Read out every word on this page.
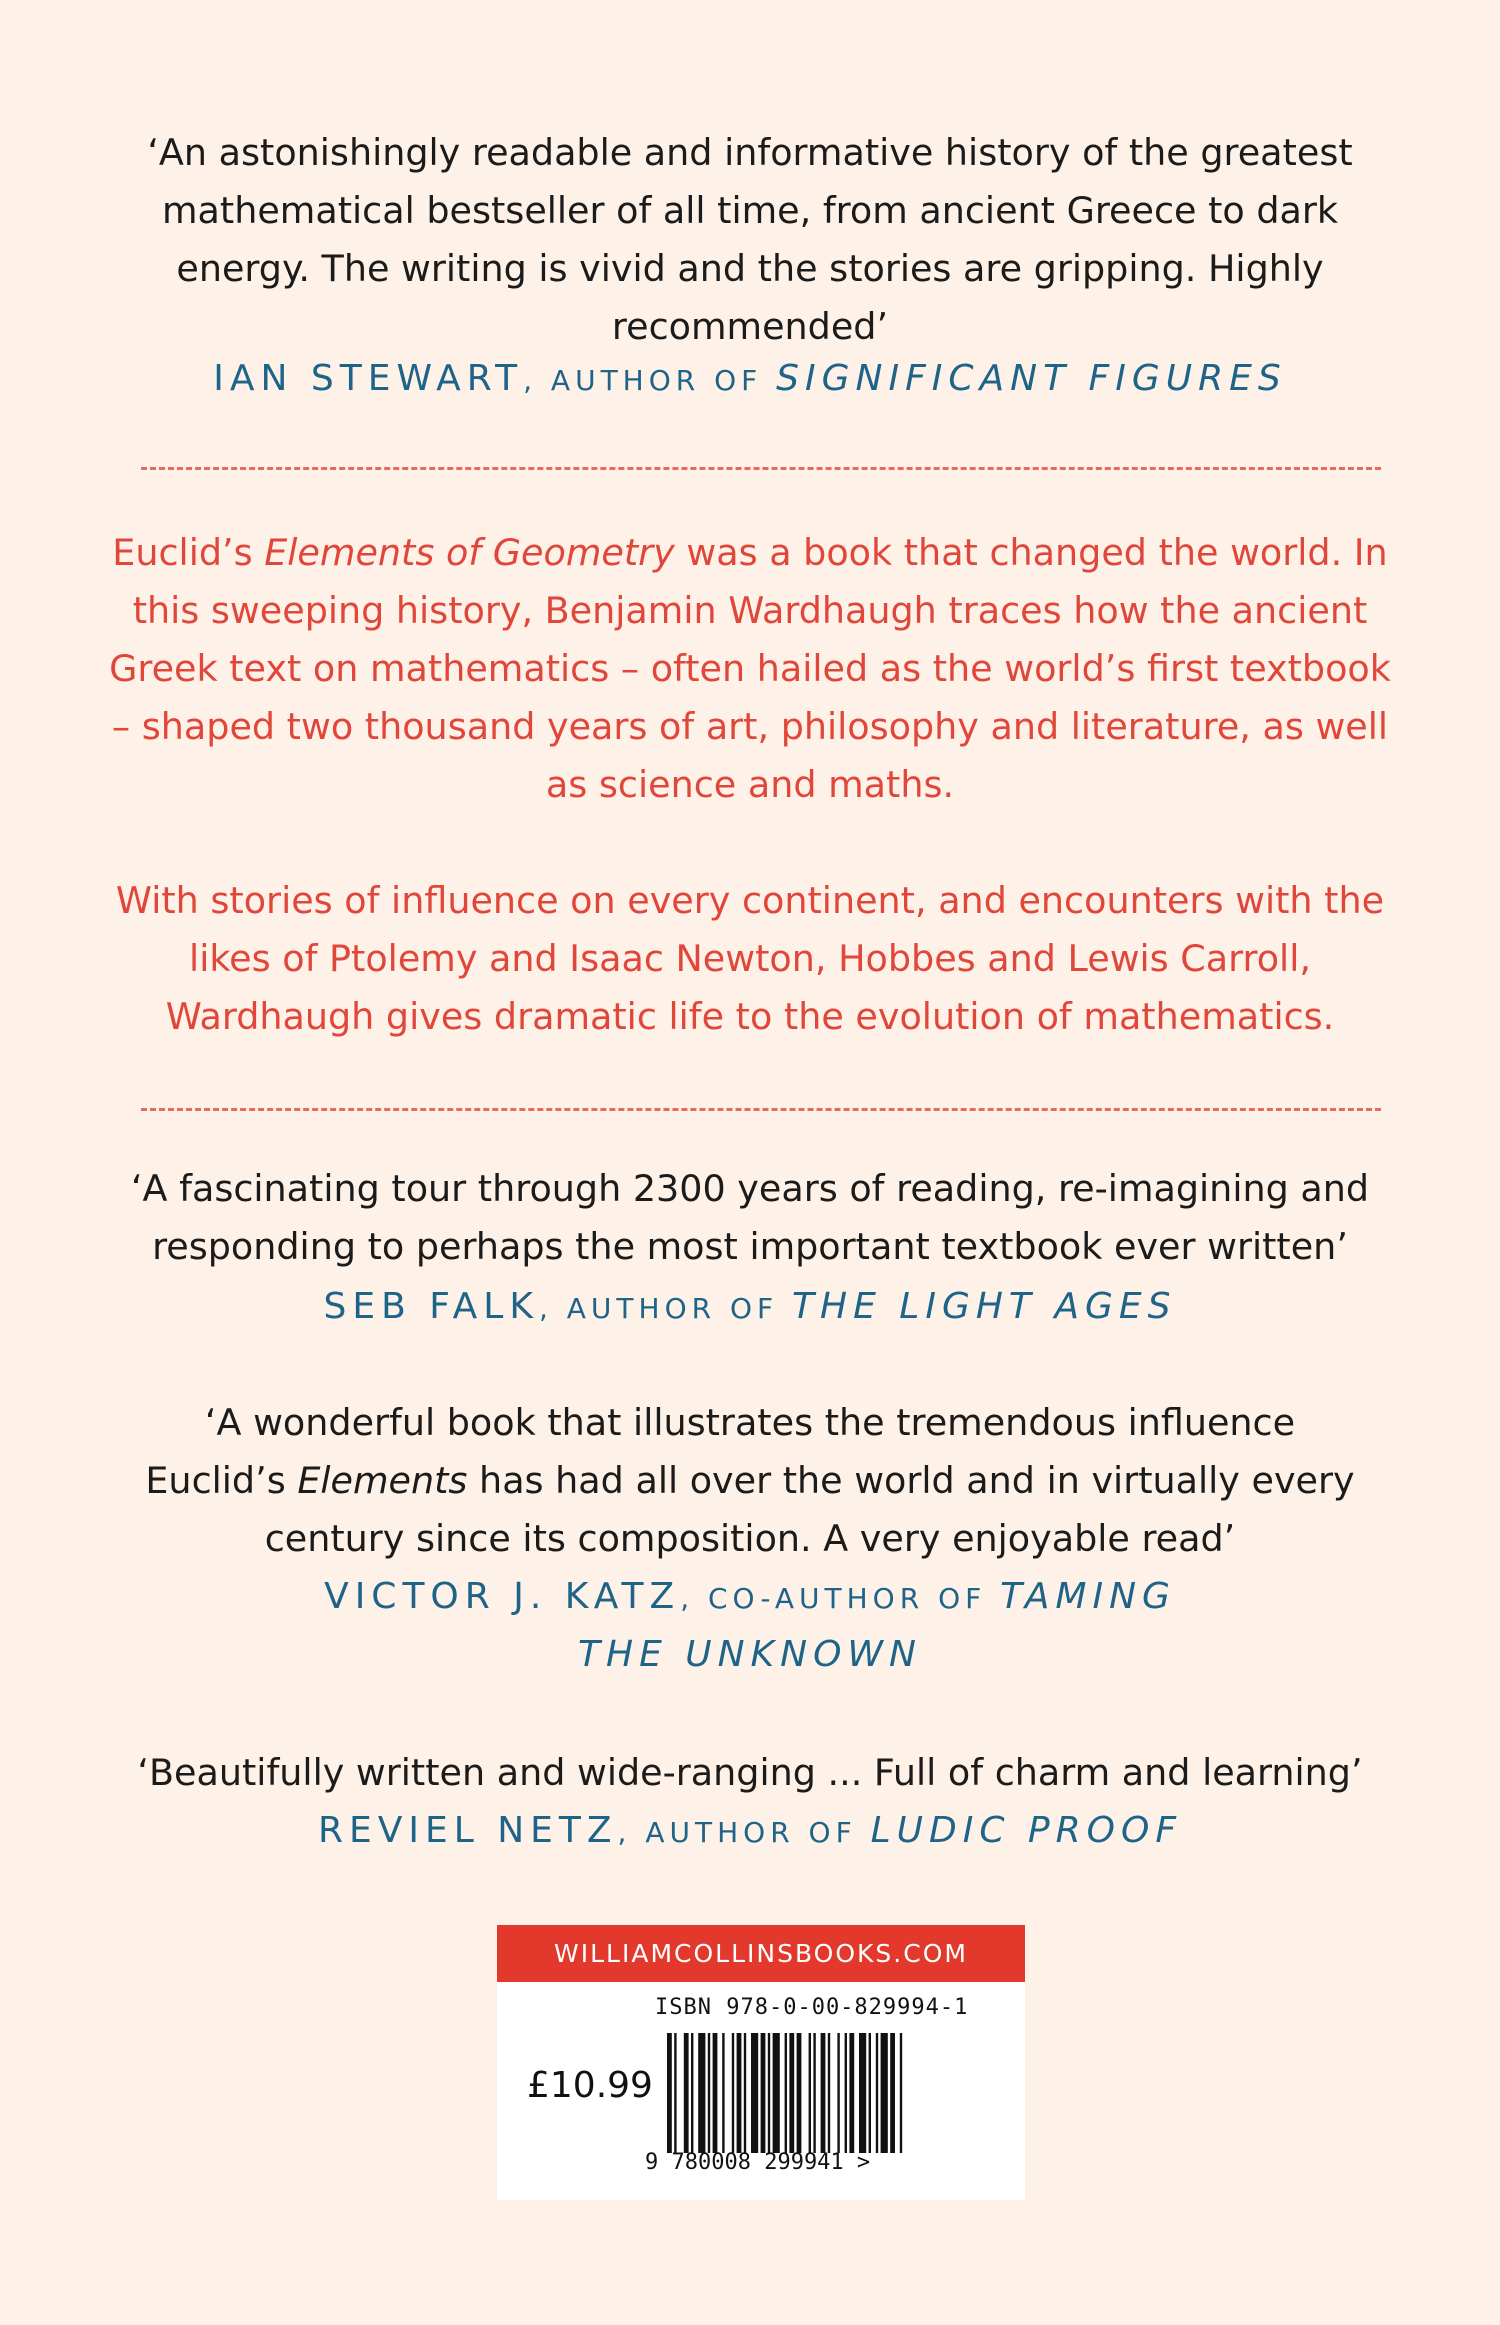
‘An astonishingly readable and informative history of the greatest mathematical bestseller of all time, from ancient Greece to dark energy. The writing is vivid and the stories are gripping. Highly recommended’

IAN STEWART, AUTHOR OF SIGNIFICANT FIGURES

Euclid’s Elements of Geometry was a book that changed the world. In this sweeping history, Benjamin Wardhaugh traces how the ancient Greek text on mathematics – often hailed as the world’s first textbook – shaped two thousand years of art, philosophy and literature, as well as science and maths.

With stories of influence on every continent, and encounters with the likes of Ptolemy and Isaac Newton, Hobbes and Lewis Carroll, Wardhaugh gives dramatic life to the evolution of mathematics.

‘A fascinating tour through 2300 years of reading, re-imagining and responding to perhaps the most important textbook ever written’

SEB FALK, AUTHOR OF THE LIGHT AGES

‘A wonderful book that illustrates the tremendous influence Euclid’s Elements has had all over the world and in virtually every century since its composition. A very enjoyable read’

VICTOR J. KATZ, CO-AUTHOR OF TAMING

THE UNKNOWN

‘Beautifully written and wide-ranging ... Full of charm and learning’

REVIEL NETZ, AUTHOR OF LUDIC PROOF

WILLIAMCOLLINSBOOKS.COM
ISBN 978-0-00-829994-1
£10.99
9 780008 299941 >
